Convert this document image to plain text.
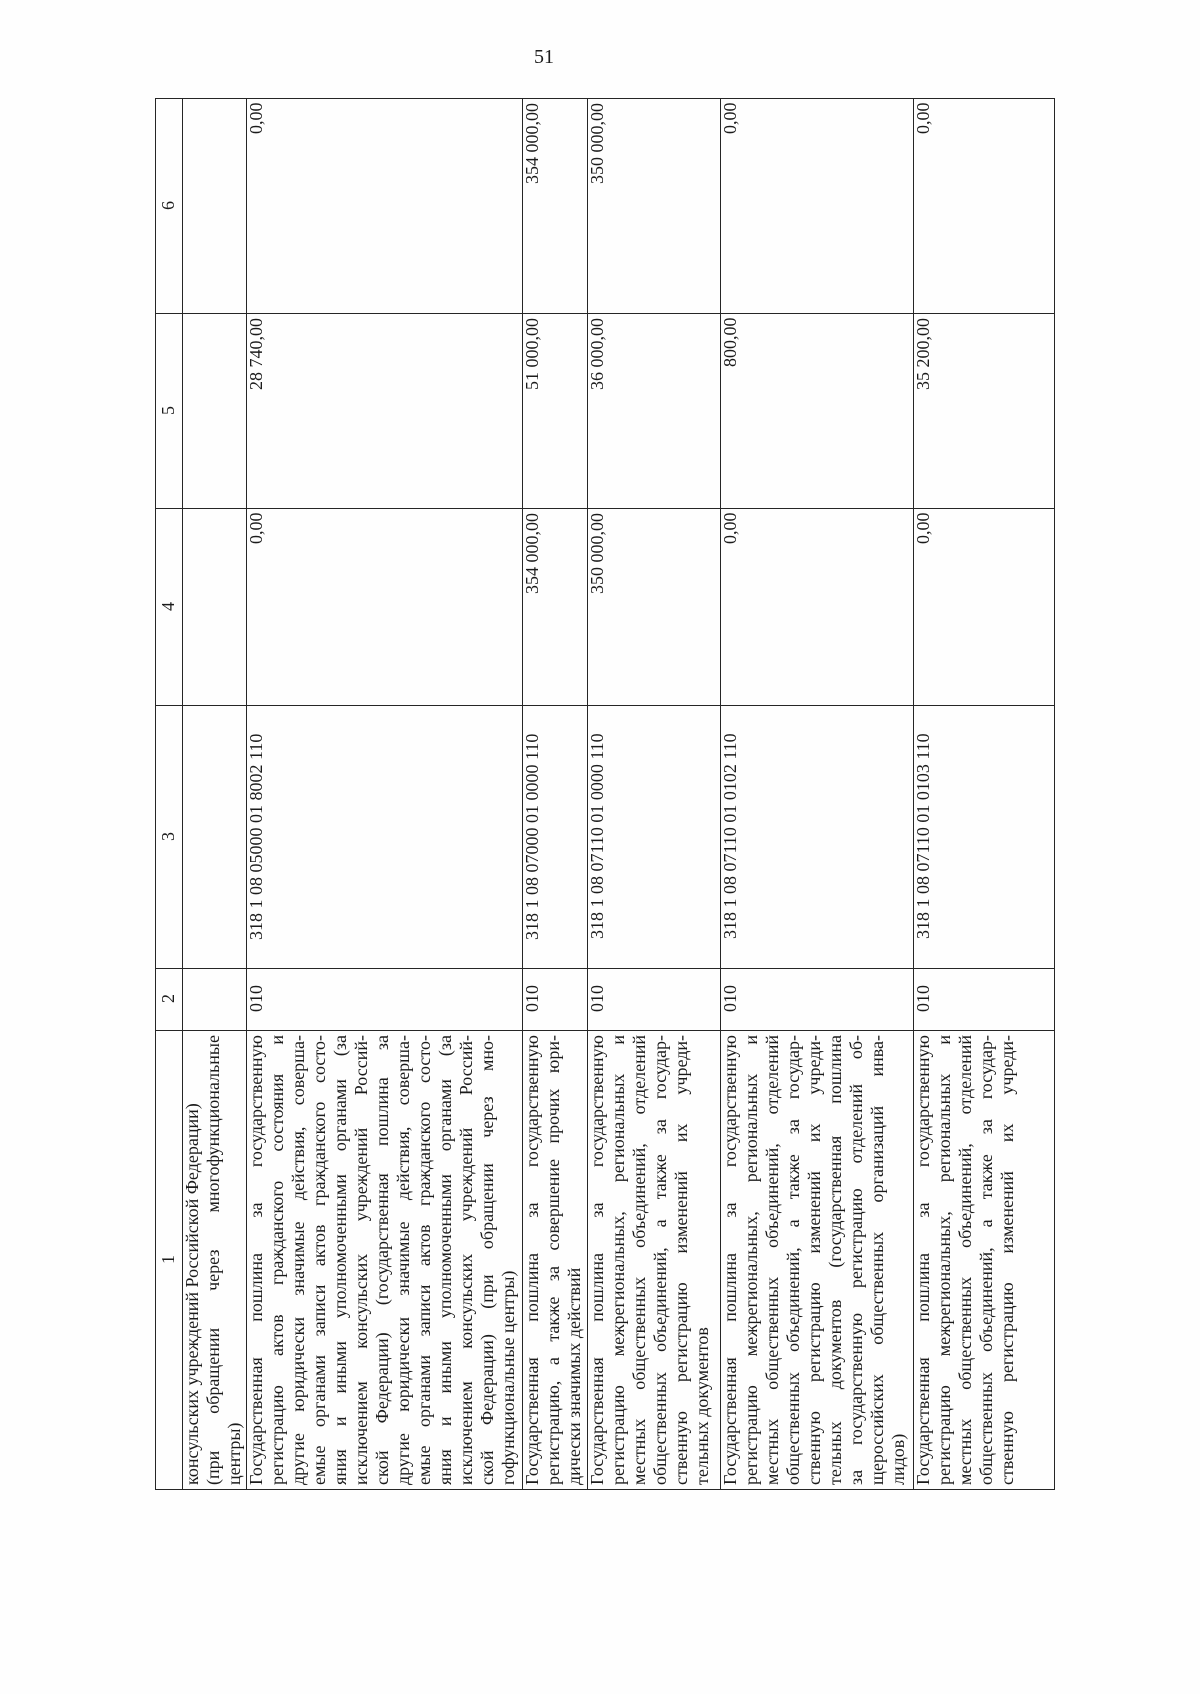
51
1
2
3
4
5
6
консульских учреждений Российской Федерации) (при обращении через многофункциональные центры) Государственная пошлина за государственную регистрацию актов гражданского состояния и другие юридически значимые действия, соверша- емые органами записи актов гражданского состо- яния и иными уполномоченными органами (за исключением консульских учреждений Россий- ской Федерации) (государственная пошлина за другие юридически значимые действия, соверша- емые органами записи актов гражданского состо- яния и иными уполномоченными органами (за исключением консульских учреждений Россий- ской Федерации) (при обращении через мно- гофункциональные центры)
010
318 1 08 05000 01 8002 110
0,00
28 740,00
0,00
Государственная пошлина за государственную регистрацию, а также за совершение прочих юри- дически значимых действий
010
318 1 08 07000 01 0000 110
354 000,00
51 000,00
354 000,00
Государственная пошлина за государственную регистрацию межрегиональных, региональных и местных общественных объединений, отделений общественных объединений, а также за государ- ственную регистрацию изменений их учреди- тельных документов
010
318 1 08 07110 01 0000 110
350 000,00
36 000,00
350 000,00
Государственная пошлина за государственную регистрацию межрегиональных, региональных и местных общественных объединений, отделений общественных объединений, а также за государ- ственную регистрацию изменений их учреди- тельных документов (государственная пошлина за государственную регистрацию отделений об- щероссийских общественных организаций инва- лидов)
010
318 1 08 07110 01 0102 110
0,00
800,00
0,00
Государственная пошлина за государственную регистрацию межрегиональных, региональных и местных общественных объединений, отделений общественных объединений, а также за государ- ственную регистрацию изменений их учреди-
010
318 1 08 07110 01 0103 110
0,00
35 200,00
0,00
